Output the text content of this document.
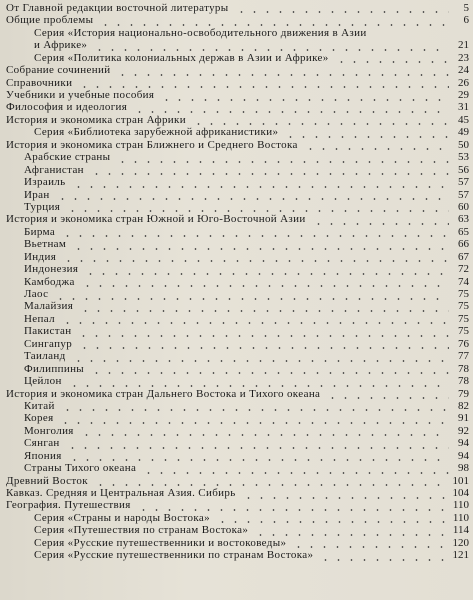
От Главной редакции восточной литературы	5
Общие проблемы	6
Серия «История национально-освободительного движения в Азии
и Африке»	21
Серия «Политика колониальных держав в Азии и Африке»	23
Собрание сочинений	24
Справочники	26
Учебники и учебные пособия	29
Философия и идеология	31
История и экономика стран Африки	45
Серия «Библиотека зарубежной африканистики»	49
История и экономика стран Ближнего и Среднего Востока	50
Арабские страны	53
Афганистан	56
Израиль	57
Иран	57
Турция	60
История и экономика стран Южной и Юго-Восточной Азии	63
Бирма	65
Вьетнам	66
Индия	67
Индонезия	72
Камбоджа	74
Лаос	75
Малайзия	75
Непал	75
Пакистан	75
Сингапур	76
Таиланд	77
Филиппины	78
Цейлон	78
История и экономика стран Дальнего Востока и Тихого океана	79
Китай	82
Корея	91
Монголия	92
Сянган	94
Япония	94
Страны Тихого океана	98
Древний Восток	101
Кавказ. Средняя и Центральная Азия. Сибирь	104
География. Путешествия	110
Серия «Страны и народы Востока»	110
Серия «Путешествия по странам Востока»	114
Серия «Русские путешественники и востоковеды»	120
Серия «Русские путешественники по странам Востока»	121
